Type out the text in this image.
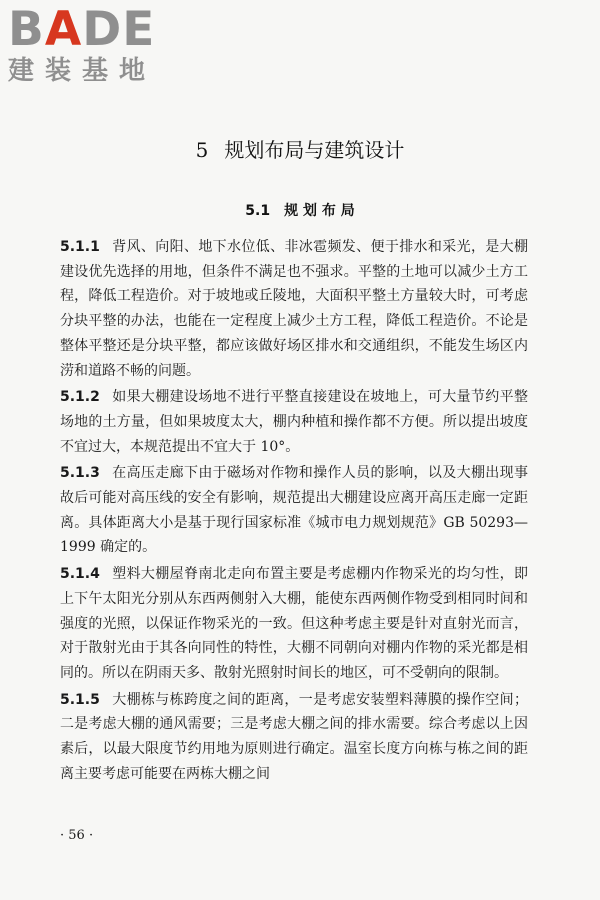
BADE
建装基地
5 规划布局与建筑设计
5.1 规 划 布 局

5.1.1 背风、向阳、地下水位低、非冰雹频发、便于排水和采光，是大棚建设优先选择的用地，但条件不满足也不强求。平整的土地可以减少土方工程，降低工程造价。对于坡地或丘陵地，大面积平整土方量较大时，可考虑分块平整的办法，也能在一定程度上减少土方工程，降低工程造价。不论是整体平整还是分块平整，都应该做好场区排水和交通组织，不能发生场区内涝和道路不畅的问题。

5.1.2 如果大棚建设场地不进行平整直接建设在坡地上，可大量节约平整场地的土方量，但如果坡度太大，棚内种植和操作都不方便。所以提出坡度不宜过大，本规范提出不宜大于 10°。

5.1.3 在高压走廊下由于磁场对作物和操作人员的影响，以及大棚出现事故后可能对高压线的安全有影响，规范提出大棚建设应离开高压走廊一定距离。具体距离大小是基于现行国家标准《城市电力规划规范》GB 50293—1999 确定的。

5.1.4 塑料大棚屋脊南北走向布置主要是考虑棚内作物采光的均匀性，即上下午太阳光分别从东西两侧射入大棚，能使东西两侧作物受到相同时间和强度的光照，以保证作物采光的一致。但这种考虑主要是针对直射光而言，对于散射光由于其各向同性的特性，大棚不同朝向对棚内作物的采光都是相同的。所以在阴雨天多、散射光照射时间长的地区，可不受朝向的限制。

5.1.5 大棚栋与栋跨度之间的距离，一是考虑安装塑料薄膜的操作空间；二是考虑大棚的通风需要；三是考虑大棚之间的排水需要。综合考虑以上因素后，以最大限度节约用地为原则进行确定。温室长度方向栋与栋之间的距离主要考虑可能要在两栋大棚之间

· 56 ·
